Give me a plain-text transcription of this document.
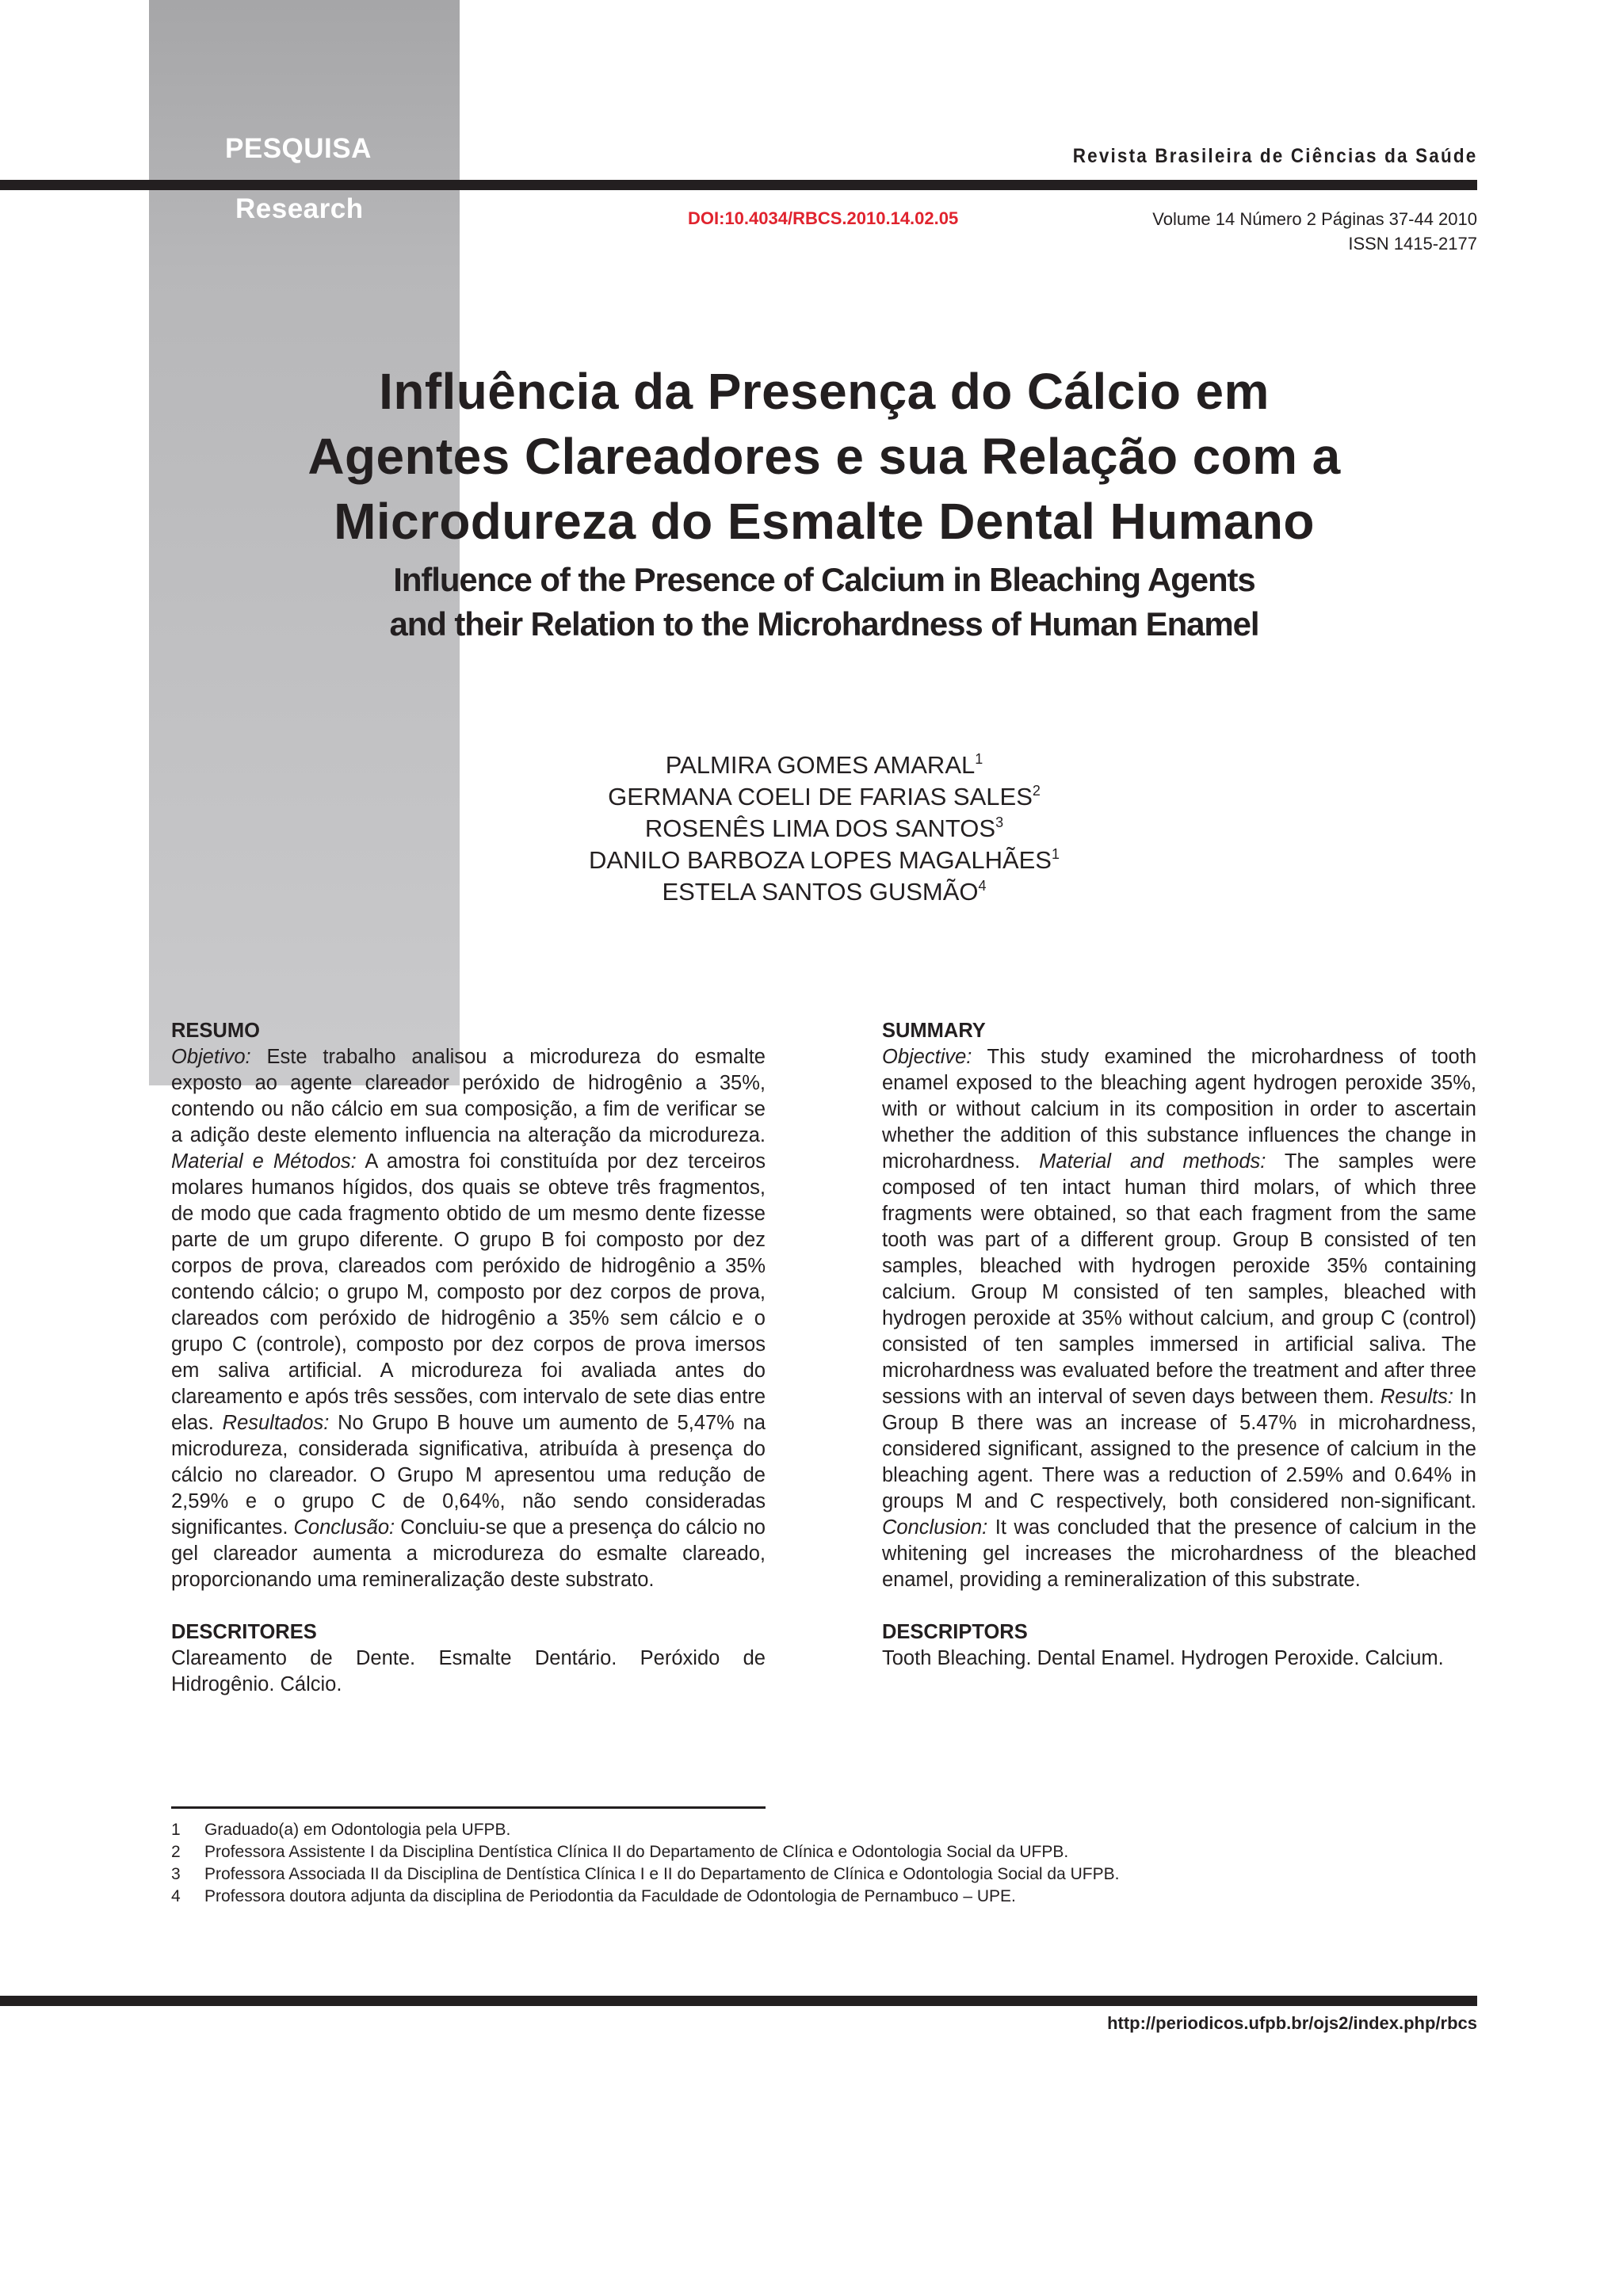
PESQUISA
Research
Revista Brasileira de Ciências da Saúde
DOI:10.4034/RBCS.2010.14.02.05	Volume 14 Número 2 Páginas 37-44 2010
ISSN 1415-2177
Influência da Presença do Cálcio em
Agentes Clareadores e sua Relação com a
Microdureza do Esmalte Dental Humano
Influence of the Presence of Calcium in Bleaching Agents
and their Relation to the Microhardness of Human Enamel
PALMIRA GOMES AMARAL$^1$
GERMANA COELI DE FARIAS SALES$^2$
ROSENÊS LIMA DOS SANTOS$^3$
DANILO BARBOZA LOPES MAGALHÃES$^1$
ESTELA SANTOS GUSMÃO$^4$
RESUMO

Objetivo: Este trabalho analisou a microdureza do esmalte exposto ao agente clareador peróxido de hidrogênio a 35%, contendo ou não cálcio em sua composição, a fim de verificar se a adição deste elemento influencia na alteração da microdureza. Material e Métodos: A amostra foi constituída por dez terceiros molares humanos hígidos, dos quais se obteve três fragmentos, de modo que cada fragmento obtido de um mesmo dente fizesse parte de um grupo diferente. O grupo B foi composto por dez corpos de prova, clareados com peróxido de hidrogênio a 35% contendo cálcio; o grupo M, composto por dez corpos de prova, clareados com peróxido de hidrogênio a 35% sem cálcio e o grupo C (controle), composto por dez corpos de prova imersos em saliva artificial. A microdureza foi avaliada antes do clareamento e após três sessões, com intervalo de sete dias entre elas. Resultados: No Grupo B houve um aumento de 5,47% na microdureza, considerada significativa, atribuída à presença do cálcio no clareador. O Grupo M apresentou uma redução de 2,59% e o grupo C de 0,64%, não sendo consideradas significantes. Conclusão: Concluiu-se que a presença do cálcio no gel clareador aumenta a microdureza do esmalte clareado, proporcionando uma remineralização deste substrato.

DESCRITORES

Clareamento de Dente. Esmalte Dentário. Peróxido de Hidrogênio. Cálcio.

SUMMARY

Objective: This study examined the microhardness of tooth enamel exposed to the bleaching agent hydrogen peroxide 35%, with or without calcium in its composition in order to ascertain whether the addition of this substance influences the change in microhardness. Material and methods: The samples were composed of ten intact human third molars, of which three fragments were obtained, so that each fragment from the same tooth was part of a different group. Group B consisted of ten samples, bleached with hydrogen peroxide 35% containing calcium. Group M consisted of ten samples, bleached with hydrogen peroxide at 35% without calcium, and group C (control) consisted of ten samples immersed in artificial saliva. The microhardness was evaluated before the treatment and after three sessions with an interval of seven days between them. Results: In Group B there was an increase of 5.47% in microhardness, considered significant, assigned to the presence of calcium in the bleaching agent. There was a reduction of 2.59% and 0.64% in groups M and C respectively, both considered non-significant. Conclusion: It was concluded that the presence of calcium in the whitening gel increases the microhardness of the bleached enamel, providing a remineralization of this substrate.

DESCRIPTORS

Tooth Bleaching. Dental Enamel. Hydrogen Peroxide. Calcium.

1	Graduado(a) em Odontologia pela UFPB.
2	Professora Assistente I da Disciplina Dentística Clínica II do Departamento de Clínica e Odontologia Social da UFPB.
3	Professora Associada II da Disciplina de Dentística Clínica I e II do Departamento de Clínica e Odontologia Social da UFPB.
4	Professora doutora adjunta da disciplina de Periodontia da Faculdade de Odontologia de Pernambuco – UPE.
http://periodicos.ufpb.br/ojs2/index.php/rbcs
